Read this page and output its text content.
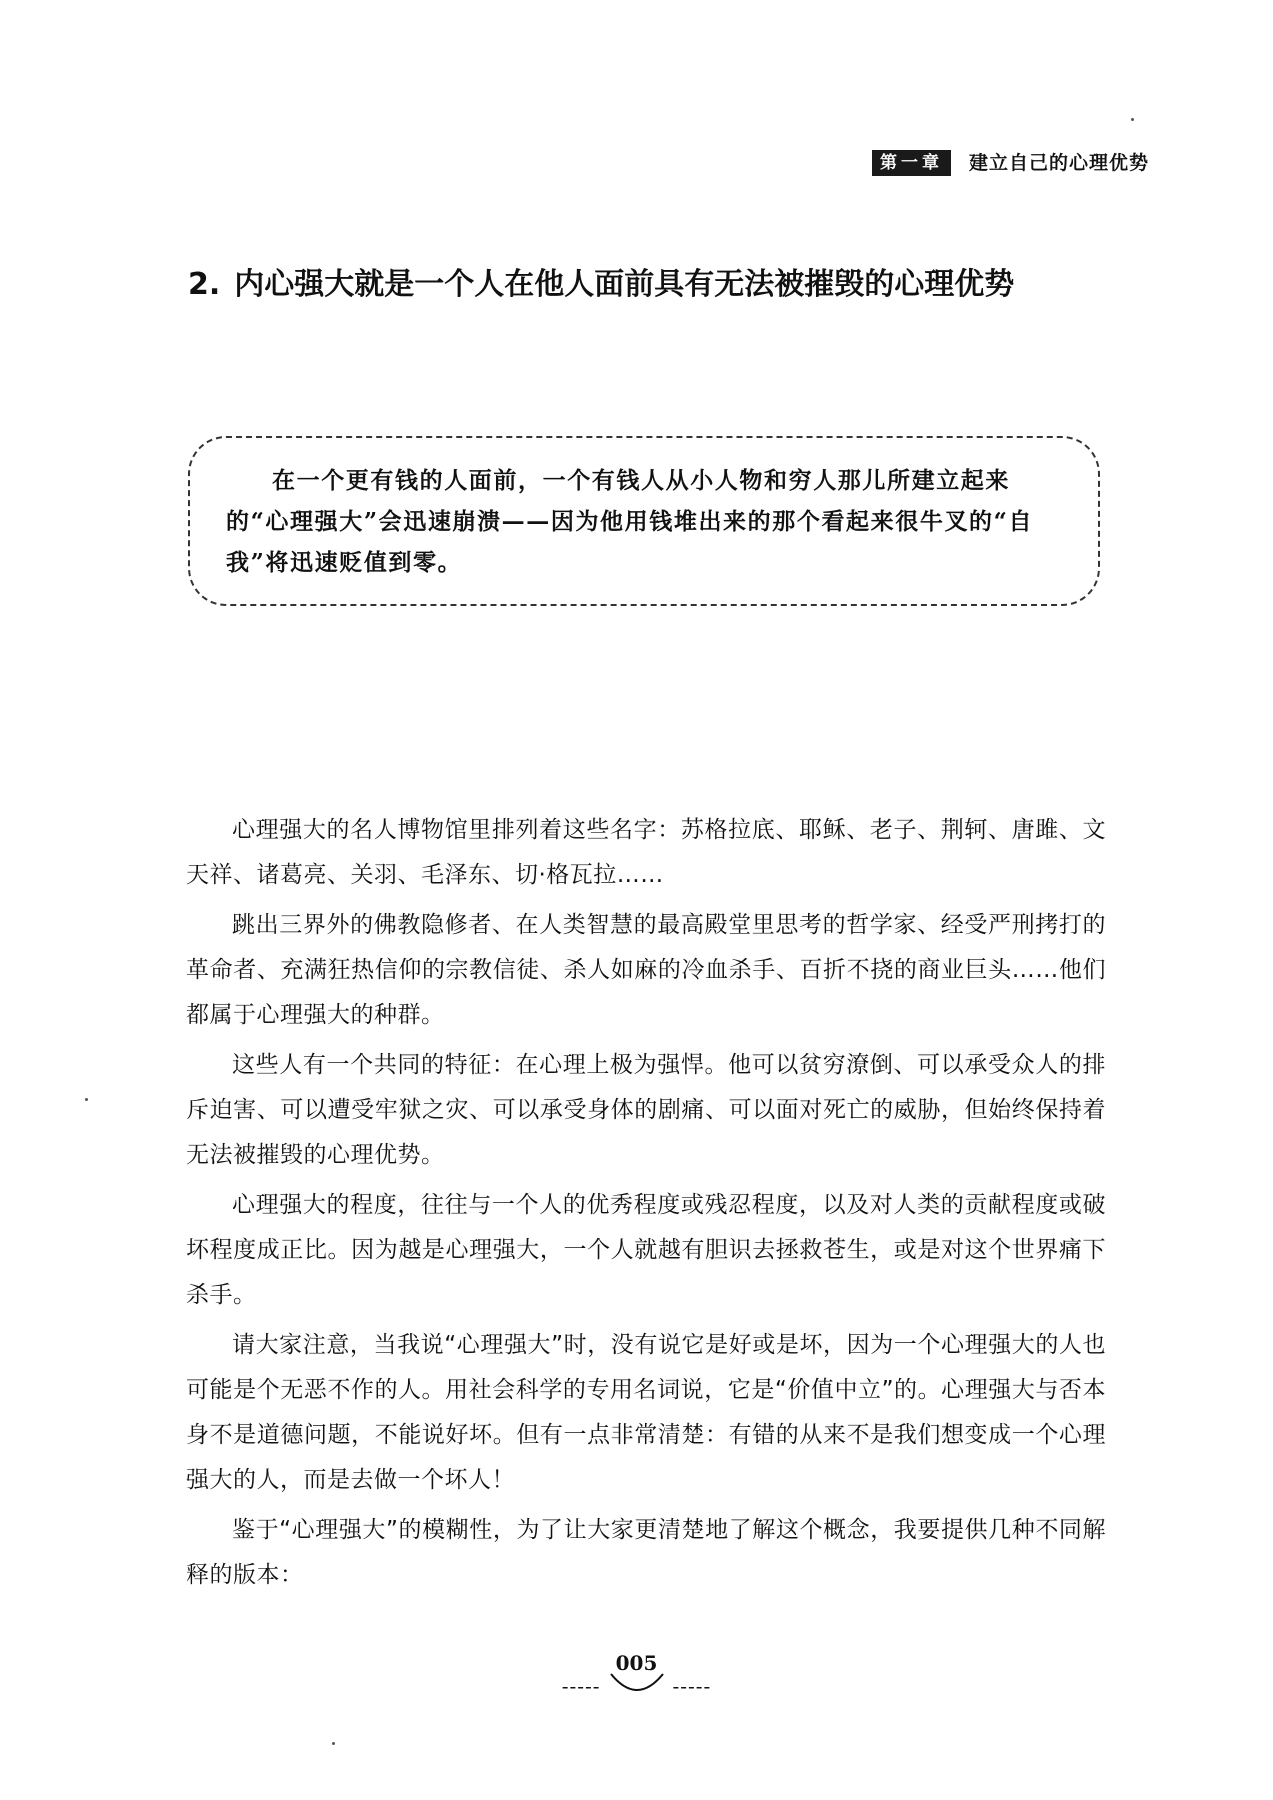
第一章	建立自己的心理优势
2. 内心强大就是一个人在他人面前具有无法被摧毁的心理优势

在一个更有钱的人面前，一个有钱人从小人物和穷人那儿所建立起来的“心理强大”会迅速崩溃——因为他用钱堆出来的那个看起来很牛叉的“自我”将迅速贬值到零。

心理强大的名人博物馆里排列着这些名字：苏格拉底、耶稣、老子、荆轲、唐雎、文天祥、诸葛亮、关羽、毛泽东、切·格瓦拉……

跳出三界外的佛教隐修者、在人类智慧的最高殿堂里思考的哲学家、经受严刑拷打的革命者、充满狂热信仰的宗教信徒、杀人如麻的冷血杀手、百折不挠的商业巨头……他们都属于心理强大的种群。

这些人有一个共同的特征：在心理上极为强悍。他可以贫穷潦倒、可以承受众人的排斥迫害、可以遭受牢狱之灾、可以承受身体的剧痛、可以面对死亡的威胁，但始终保持着无法被摧毁的心理优势。

心理强大的程度，往往与一个人的优秀程度或残忍程度，以及对人类的贡献程度或破坏程度成正比。因为越是心理强大，一个人就越有胆识去拯救苍生，或是对这个世界痛下杀手。

请大家注意，当我说“心理强大”时，没有说它是好或是坏，因为一个心理强大的人也可能是个无恶不作的人。用社会科学的专用名词说，它是“价值中立”的。心理强大与否本身不是道德问题，不能说好坏。但有一点非常清楚：有错的从来不是我们想变成一个心理强大的人，而是去做一个坏人！

鉴于“心理强大”的模糊性，为了让大家更清楚地了解这个概念，我要提供几种不同解释的版本：

-----
005
-----
